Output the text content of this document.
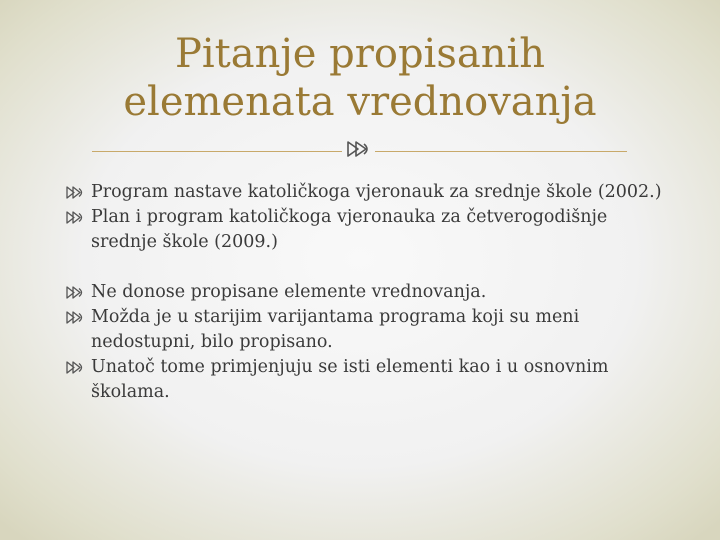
Pitanje propisanih
elemenata vrednovanja
Program nastave katoličkoga vjeronauk za srednje škole (2002.)
Plan i program katoličkoga vjeronauka za četverogodišnje srednje škole (2009.)
Ne donose propisane elemente vrednovanja.
Možda je u starijim varijantama programa koji su meni nedostupni, bilo propisano.
Unatoč tome primjenjuju se isti elementi kao i u osnovnim školama.
